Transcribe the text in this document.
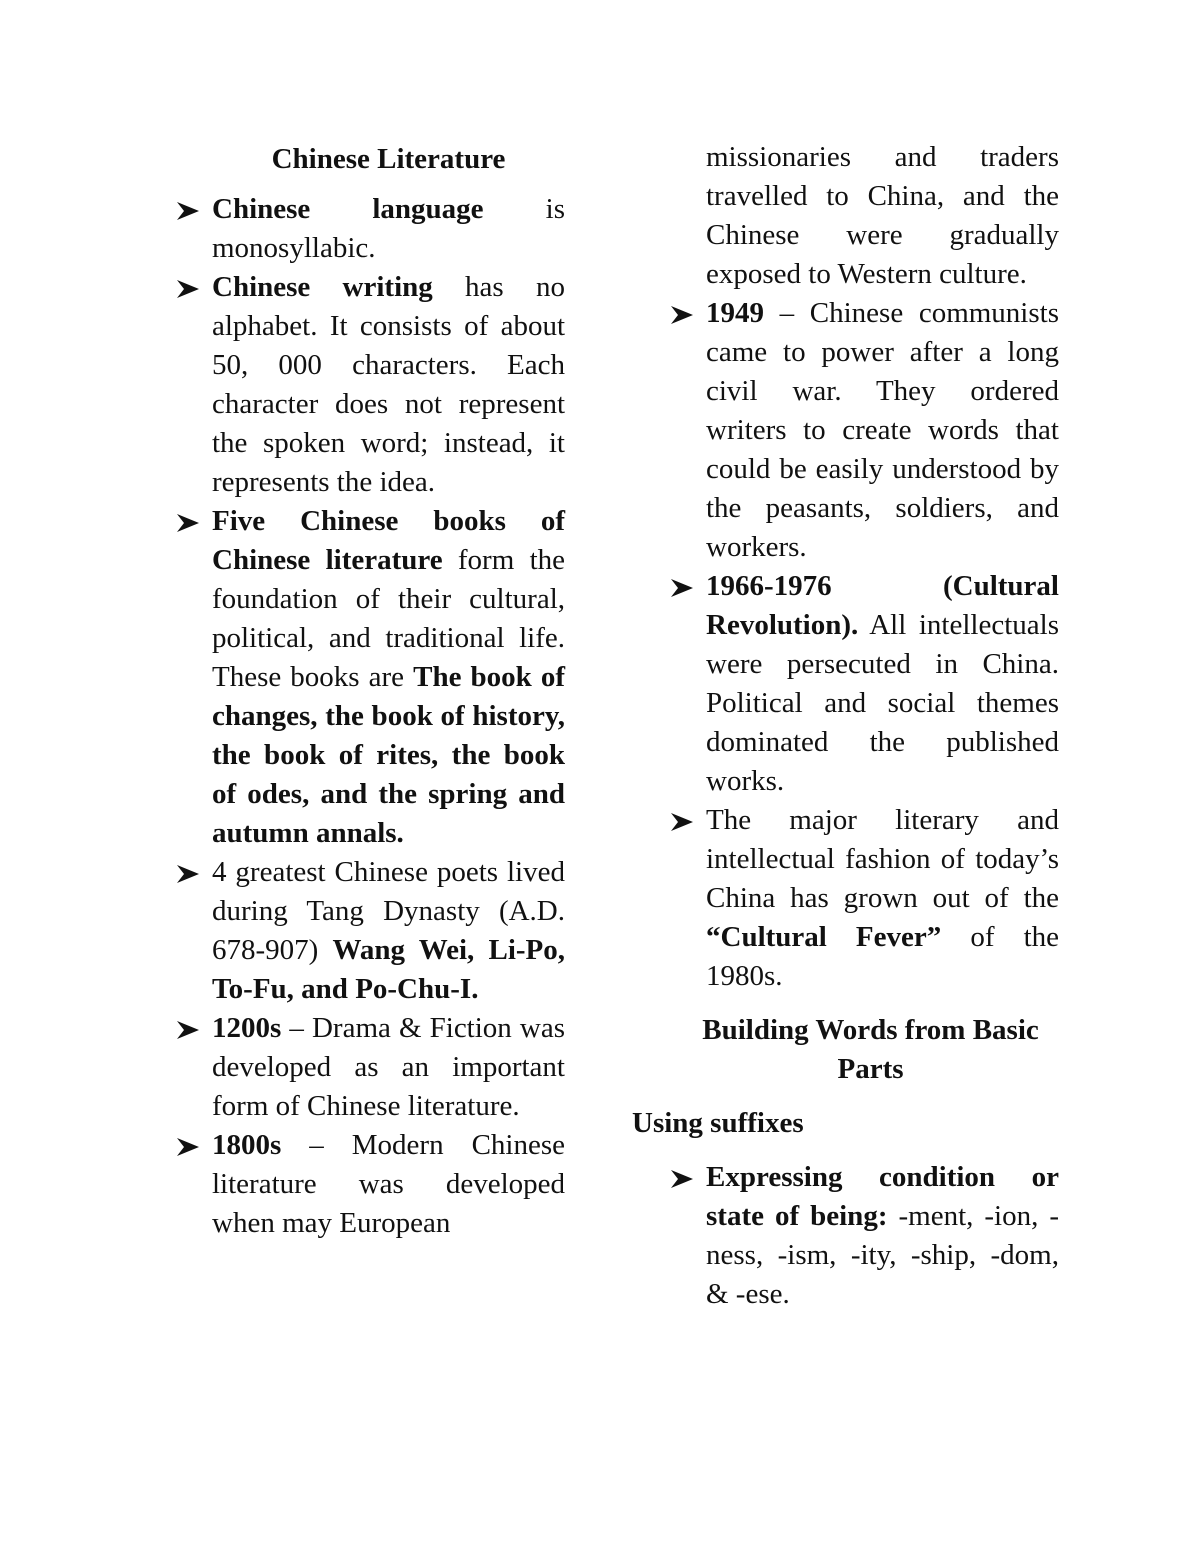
Chinese Literature

Chinese language is monosyllabic.

Chinese writing has no alphabet. It consists of about 50, 000 characters. Each character does not represent the spoken word; instead, it represents the idea.

Five Chinese books of Chinese literature form the foundation of their cultural, political, and traditional life. These books are The book of changes, the book of history, the book of rites, the book of odes, and the spring and autumn annals.

4 greatest Chinese poets lived during Tang Dynasty (A.D. 678-907) Wang Wei, Li-Po, To-Fu, and Po-Chu-I.

1200s – Drama & Fiction was developed as an important form of Chinese literature.

1800s – Modern Chinese literature was developed when may European

missionaries and traders travelled to China, and the Chinese were gradually exposed to Western culture.

1949 – Chinese communists came to power after a long civil war. They ordered writers to create words that could be easily understood by the peasants, soldiers, and workers.

1966-1976 (Cultural Revolution). All intellectuals were persecuted in China. Political and social themes dominated the published works.

The major literary and intellectual fashion of today’s China has grown out of the “Cultural Fever” of the 1980s.

Building Words from Basic Parts
Using suffixes

Expressing condition or state of being: -ment, -ion, -ness, -ism, -ity, -ship, -dom, & -ese.
